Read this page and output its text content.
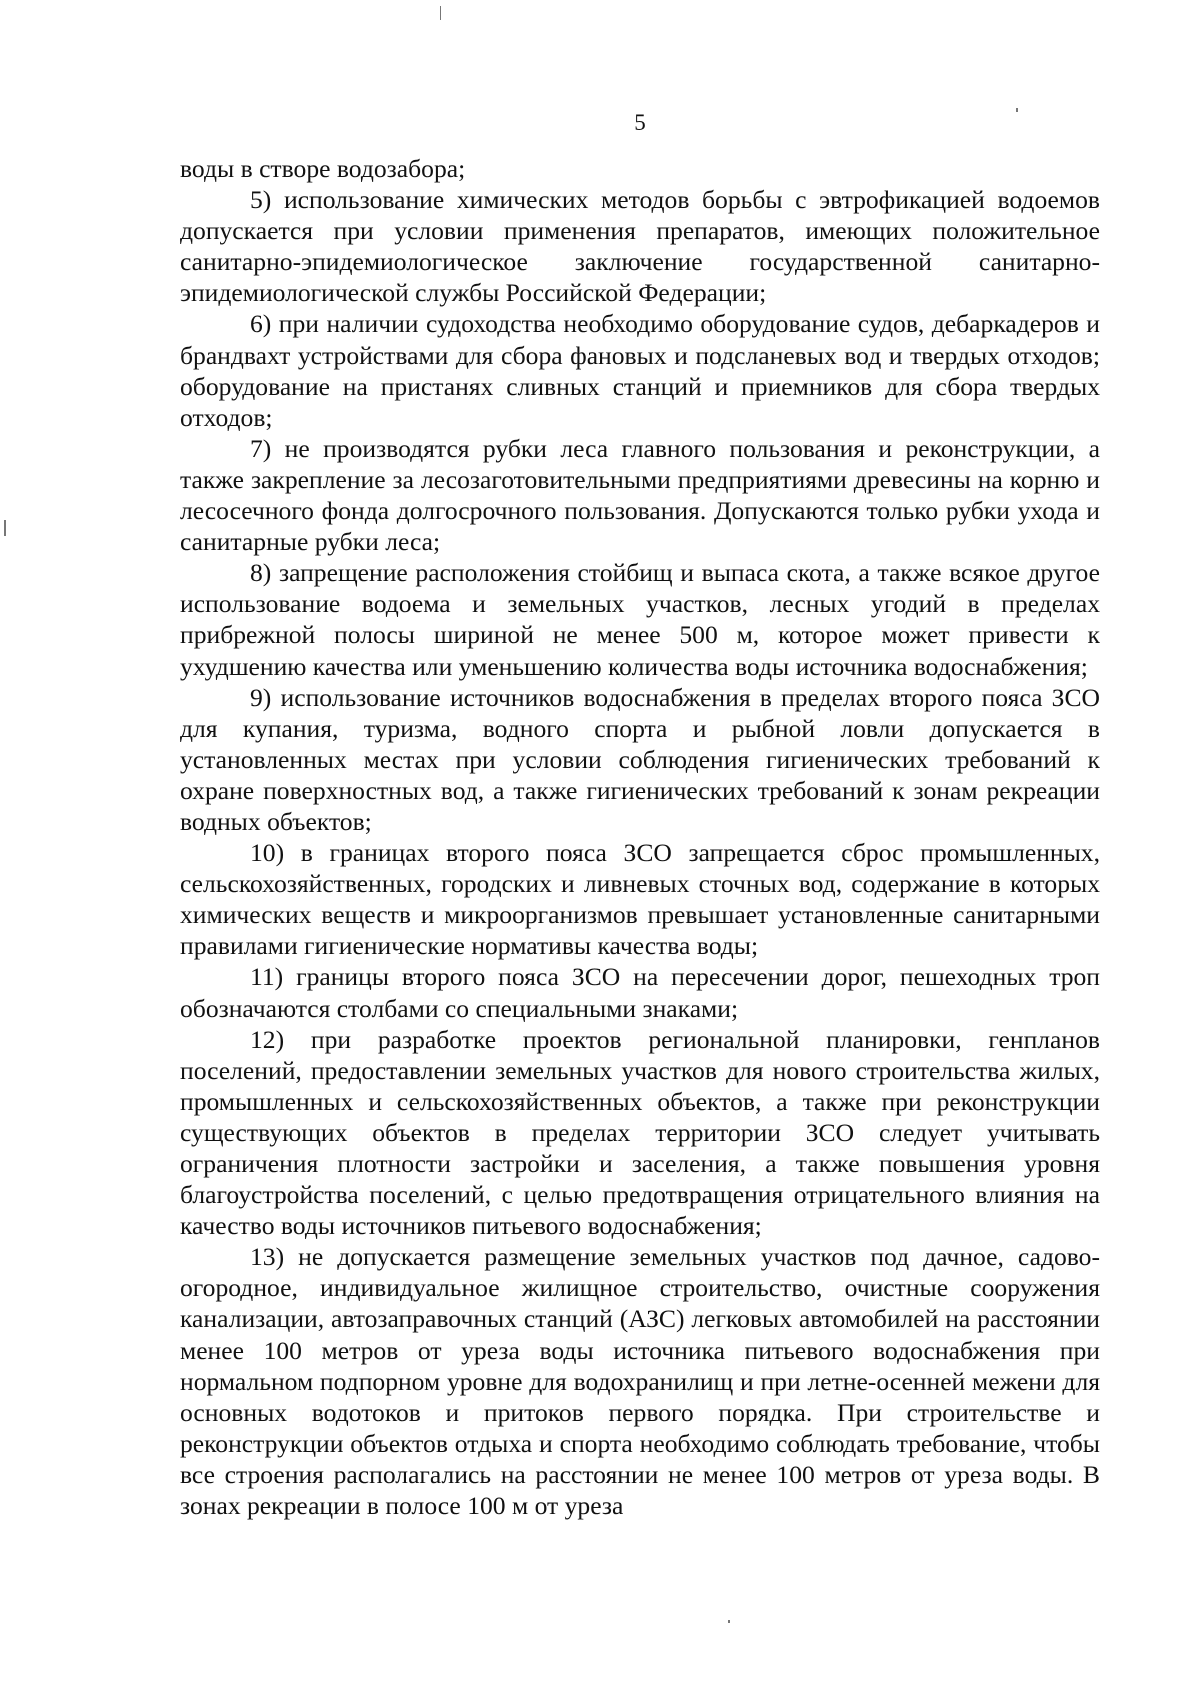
5

воды в створе водозабора;

5) использование химических методов борьбы с эвтрофикацией водоемов допускается при условии применения препаратов, имеющих положительное санитарно-эпидемиологическое заключение государственной санитарно-эпидемиологической службы Российской Федерации;

6) при наличии судоходства необходимо оборудование судов, дебаркадеров и брандвахт устройствами для сбора фановых и подсланевых вод и твердых отходов; оборудование на пристанях сливных станций и приемников для сбора твердых отходов;

7) не производятся рубки леса главного пользования и реконструкции, а также закрепление за лесозаготовительными предприятиями древесины на корню и лесосечного фонда долгосрочного пользования. Допускаются только рубки ухода и санитарные рубки леса;

8) запрещение расположения стойбищ и выпаса скота, а также всякое другое использование водоема и земельных участков, лесных угодий в пределах прибрежной полосы шириной не менее 500 м, которое может привести к ухудшению качества или уменьшению количества воды источника водоснабжения;

9) использование источников водоснабжения в пределах второго пояса ЗСО для купания, туризма, водного спорта и рыбной ловли допускается в установленных местах при условии соблюдения гигиенических требований к охране поверхностных вод, а также гигиенических требований к зонам рекреации водных объектов;

10) в границах второго пояса ЗСО запрещается сброс промышленных, сельскохозяйственных, городских и ливневых сточных вод, содержание в которых химических веществ и микроорганизмов превышает установленные санитарными правилами гигиенические нормативы качества воды;

11) границы второго пояса ЗСО на пересечении дорог, пешеходных троп обозначаются столбами со специальными знаками;

12) при разработке проектов региональной планировки, генпланов поселений, предоставлении земельных участков для нового строительства жилых, промышленных и сельскохозяйственных объектов, а также при реконструкции существующих объектов в пределах территории ЗСО следует учитывать ограничения плотности застройки и заселения, а также повышения уровня благоустройства поселений, с целью предотвращения отрицательного влияния на качество воды источников питьевого водоснабжения;

13) не допускается размещение земельных участков под дачное, садово-огородное, индивидуальное жилищное строительство, очистные сооружения канализации, автозаправочных станций (АЗС) легковых автомобилей на расстоянии менее 100 метров от уреза воды источника питьевого водоснабжения при нормальном подпорном уровне для водохранилищ и при летне-осенней межени для основных водотоков и притоков первого порядка. При строительстве и реконструкции объектов отдыха и спорта необходимо соблюдать требование, чтобы все строения располагались на расстоянии не менее 100 метров от уреза воды. В зонах рекреации в полосе 100 м от уреза
